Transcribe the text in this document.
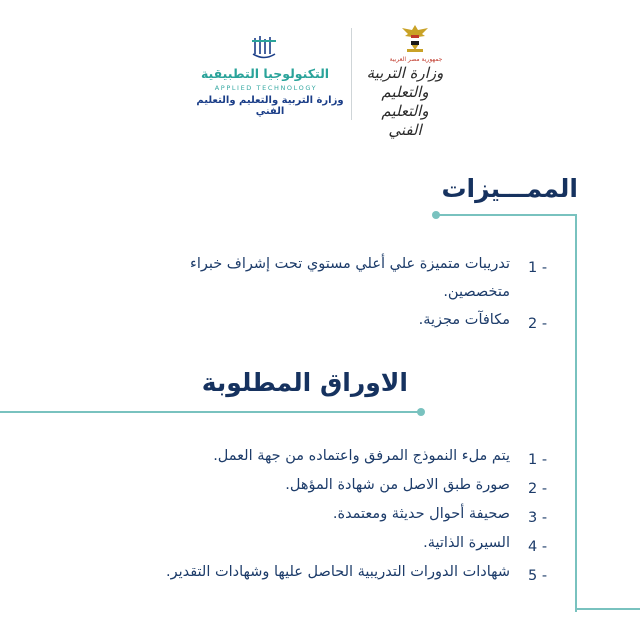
جمهورية مصر العربية
وزارة التربية والتعليم والتعليم الفني
التكنولوجيا التطبيقية
APPLIED TECHNOLOGY
وزارة التربية والتعليم والتعليم الفني
الممـــيزات
1 -
تدريبات متميزة علي أعلي مستوي تحت إشراف خبراء
متخصصين.
2 -
مكافآت مجزية.
الاوراق المطلوبة
1 -
يتم ملء النموذج المرفق واعتماده من جهة العمل.
2 -
صورة طبق الاصل من شهادة المؤهل.
3 -
صحيفة أحوال حديثة ومعتمدة.
4 -
السيرة الذاتية.
5 -
شهادات الدورات التدريبية الحاصل عليها وشهادات التقدير.
